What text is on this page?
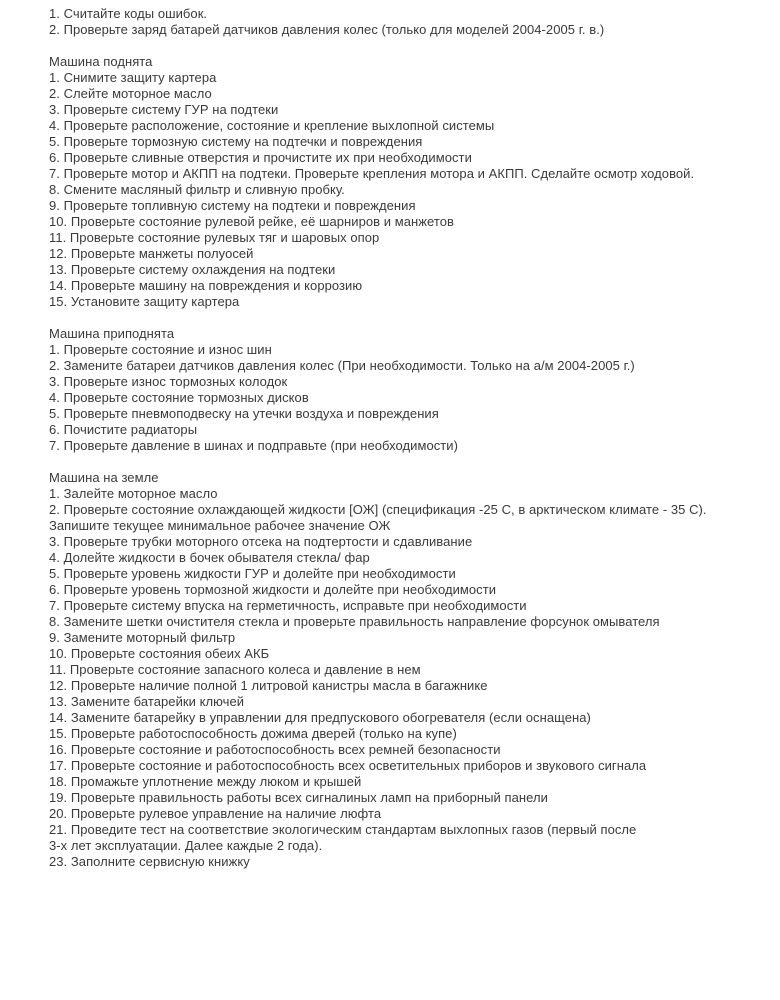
1. Считайте коды ошибок.
2. Проверьте заряд батарей датчиков давления колес (только для моделей 2004-2005 г. в.)
Машина поднята
1. Снимите защиту картера
2. Слейте моторное масло
3. Проверьте систему ГУР на подтеки
4. Проверьте расположение, состояние и крепление выхлопной системы
5. Проверьте тормозную систему на подтечки и повреждения
6. Проверьте сливные отверстия и прочистите их при необходимости
7. Проверьте мотор и АКПП на подтеки. Проверьте крепления мотора и АКПП. Сделайте осмотр ходовой.
8. Смените масляный фильтр и сливную пробку.
9. Проверьте топливную систему на подтеки и повреждения
10. Проверьте состояние рулевой рейке, её шарниров и манжетов
11. Проверьте состояние рулевых тяг и шаровых опор
12. Проверьте манжеты полуосей
13. Проверьте систему охлаждения на подтеки
14. Проверьте машину на повреждения и коррозию
15. Установите защиту картера
Машина приподнята
1. Проверьте состояние и износ шин
2. Замените батареи датчиков давления колес (При необходимости. Только на а/м 2004-2005 г.)
3. Проверьте износ тормозных колодок
4. Проверьте состояние тормозных дисков
5. Проверьте пневмоподвеску на утечки воздуха и повреждения
6. Почистите радиаторы
7. Проверьте давление в шинах и подправьте (при необходимости)
Машина на земле
1. Залейте моторное масло
2. Проверьте состояние охлаждающей жидкости [ОЖ] (спецификация -25 С, в арктическом климате - 35 С).
Запишите текущее минимальное рабочее значение ОЖ
3. Проверьте трубки моторного отсека на подтертости и сдавливание
4. Долейте жидкости в бочек обывателя стекла/ фар
5. Проверьте уровень жидкости ГУР и долейте при необходимости
6. Проверьте уровень тормозной жидкости и долейте при необходимости
7. Проверьте систему впуска на герметичность, исправьте при необходимости
8. Замените шетки очистителя стекла и проверьте правильность направление форсунок омывателя
9. Замените моторный фильтр
10. Проверьте состояния обеих АКБ
11. Проверьте состояние запасного колеса и давление в нем
12. Проверьте наличие полной 1 литровой канистры масла в багажнике
13. Замените батарейки ключей
14. Замените батарейку в управлении для предпускового обогревателя (если оснащена)
15. Проверьте работоспособность дожима дверей (только на купе)
16. Проверьте состояние и работоспособность всех ремней безопасности
17. Проверьте состояние и работоспособность всех осветительных приборов и звукового сигнала
18. Промажьте уплотнение между люком и крышей
19. Проверьте правильность работы всех сигналиных ламп на приборный панели
20. Проверьте рулевое управление на наличие люфта
21. Проведите тест на соответствие экологическим стандартам выхлопных газов (первый после
3-х лет эксплуатации. Далее каждые 2 года).
23. Заполните сервисную книжку
